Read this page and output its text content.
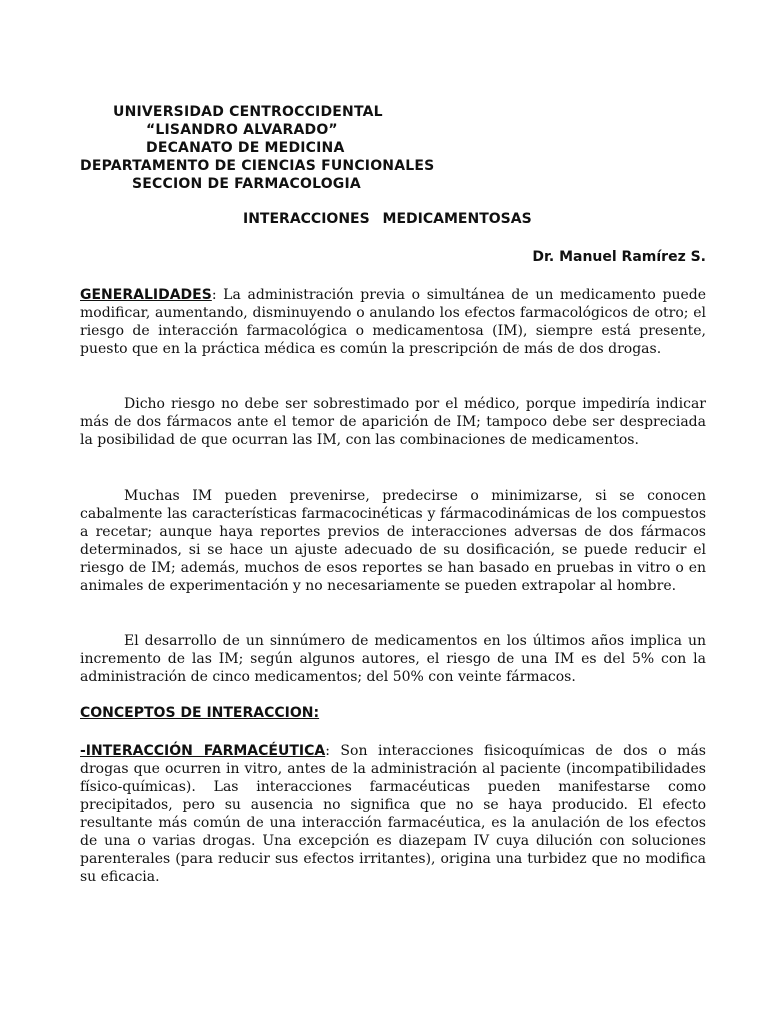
UNIVERSIDAD CENTROCCIDENTAL
“LISANDRO ALVARADO”
DECANATO DE MEDICINA
DEPARTAMENTO DE CIENCIAS FUNCIONALES
SECCION DE FARMACOLOGIA
INTERACCIONES MEDICAMENTOSAS
Dr. Manuel Ramírez S.

GENERALIDADES: La administración previa o simultánea de un medicamento puede modificar, aumentando, disminuyendo o anulando los efectos farmacológicos de otro; el riesgo de interacción farmacológica o medicamentosa (IM), siempre está presente, puesto que en la práctica médica es común la prescripción de más de dos drogas.

Dicho riesgo no debe ser sobrestimado por el médico, porque impediría indicar más de dos fármacos ante el temor de aparición de IM; tampoco debe ser despreciada la posibilidad de que ocurran las IM, con las combinaciones de medicamentos.

Muchas IM pueden prevenirse, predecirse o minimizarse, si se conocen cabalmente las características farmacocinéticas y fármacodinámicas de los compuestos a recetar; aunque haya reportes previos de interacciones adversas de dos fármacos determinados, si se hace un ajuste adecuado de su dosificación, se puede reducir el riesgo de IM; además, muchos de esos reportes se han basado en pruebas in vitro o en animales de experimentación y no necesariamente se pueden extrapolar al hombre.

El desarrollo de un sinnúmero de medicamentos en los últimos años implica un incremento de las IM; según algunos autores, el riesgo de una IM es del 5% con la administración de cinco medicamentos; del 50% con veinte fármacos.

CONCEPTOS DE INTERACCION:

-INTERACCIÓN FARMACÉUTICA: Son interacciones fisicoquímicas de dos o más drogas que ocurren in vitro, antes de la administración al paciente (incompatibilidades físico-químicas). Las interacciones farmacéuticas pueden manifestarse como precipitados, pero su ausencia no significa que no se haya producido. El efecto resultante más común de una interacción farmacéutica, es la anulación de los efectos de una o varias drogas. Una excepción es diazepam IV cuya dilución con soluciones parenterales (para reducir sus efectos irritantes), origina una turbidez que no modifica su eficacia.
